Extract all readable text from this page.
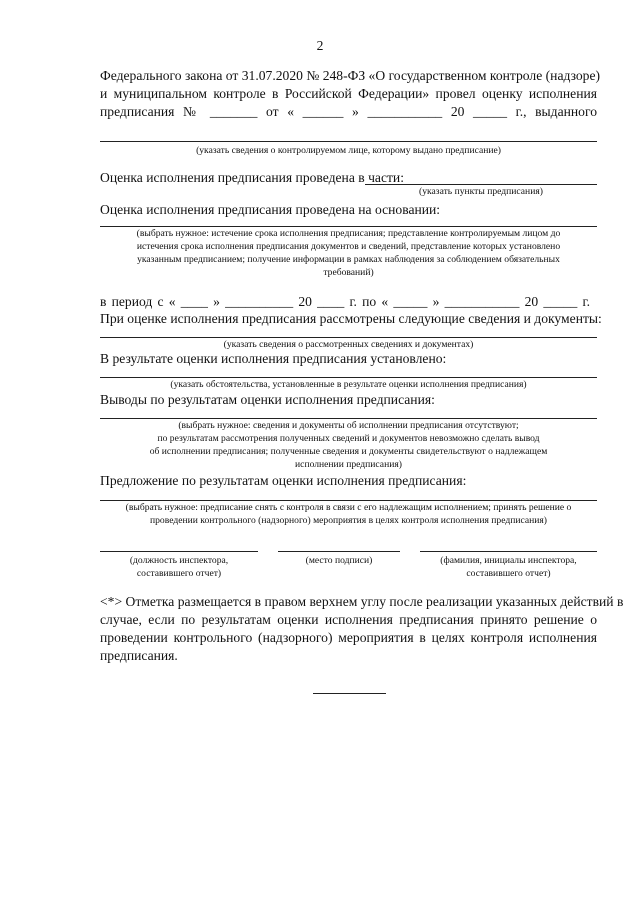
2
Федерального закона от 31.07.2020 № 248-ФЗ «О государственном контроле (надзоре)
и муниципальном контроле в Российской Федерации» провел оценку исполнения
предписания № _______ от « ______ » ___________ 20 _____ г., выданного
(указать сведения о контролируемом лице, которому выдано предписание)
Оценка исполнения предписания проведена в части:
(указать пункты предписания)
Оценка исполнения предписания проведена на основании:
(выбрать нужное: истечение срока исполнения предписания; представление контролируемым лицом до
истечения срока исполнения предписания документов и сведений, представление которых установлено
указанным предписанием; получение информации в рамках наблюдения за соблюдением обязательных
требований)
в период с « ____ » __________ 20 ____ г. по « _____ » ___________ 20 _____ г.
При оценке исполнения предписания рассмотрены следующие сведения и документы:
(указать сведения о рассмотренных сведениях и документах)
В результате оценки исполнения предписания установлено:
(указать обстоятельства, установленные в результате оценки исполнения предписания)
Выводы по результатам оценки исполнения предписания:
(выбрать нужное: сведения и документы об исполнении предписания отсутствуют;
по результатам рассмотрения полученных сведений и документов невозможно сделать вывод
об исполнении предписания; полученные сведения и документы свидетельствуют о надлежащем
исполнении предписания)
Предложение по результатам оценки исполнения предписания:
(выбрать нужное: предписание снять с контроля в связи с его надлежащим исполнением; принять решение о
проведении контрольного (надзорного) мероприятия в целях контроля исполнения предписания)
(должность инспектора,
составившего отчет)
(место подписи)	(фамилия, инициалы инспектора,
составившего отчет)
<*> Отметка размещается в правом верхнем углу после реализации указанных действий в
случае, если по результатам оценки исполнения предписания принято решение о
проведении контрольного (надзорного) мероприятия в целях контроля исполнения
предписания.
